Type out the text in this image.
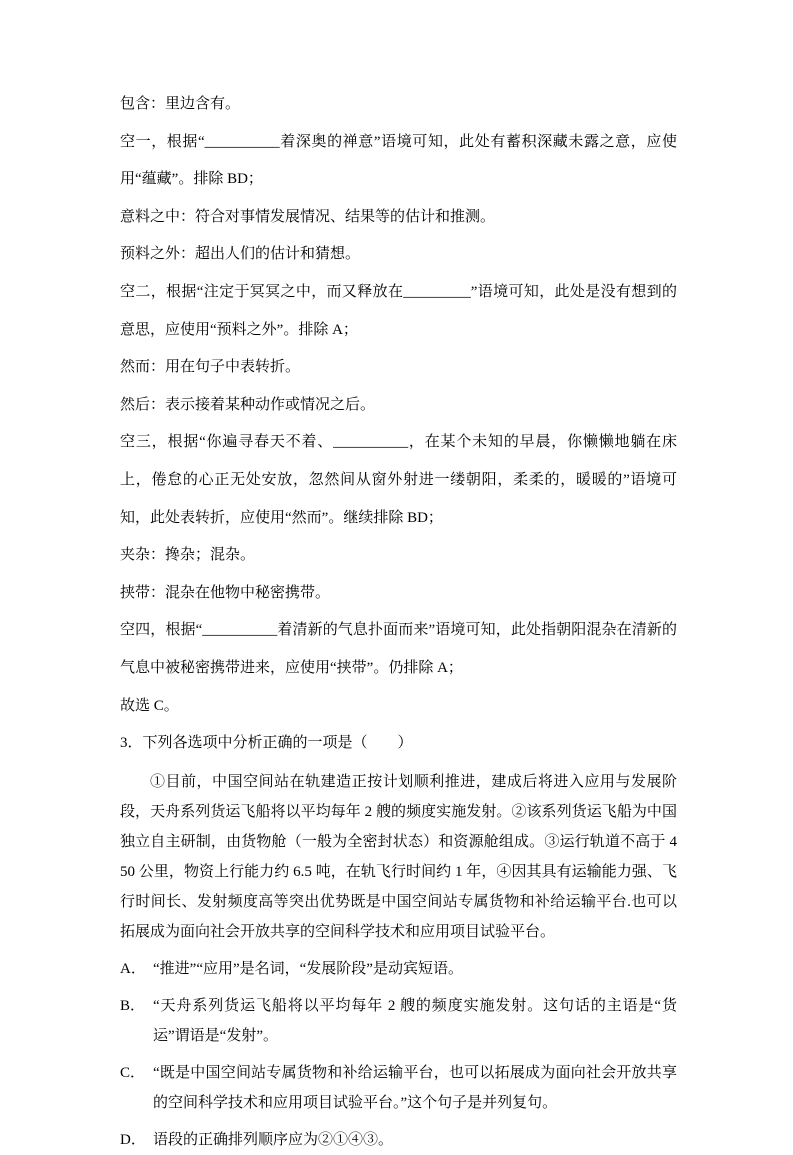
包含：里边含有。

空一，根据“__________着深奥的禅意”语境可知，此处有蓄积深藏未露之意，应使用“蕴藏”。排除 BD；

意料之中：符合对事情发展情况、结果等的估计和推测。

预料之外：超出人们的估计和猜想。

空二，根据“注定于冥冥之中，而又释放在_________”语境可知，此处是没有想到的意思，应使用“预料之外”。排除 A；

然而：用在句子中表转折。

然后：表示接着某种动作或情况之后。

空三，根据“你遍寻春天不着、__________，在某个未知的早晨，你懒懒地躺在床上，倦怠的心正无处安放，忽然间从窗外射进一缕朝阳，柔柔的，暖暖的”语境可知，此处表转折，应使用“然而”。继续排除 BD；

夹杂：搀杂；混杂。

挟带：混杂在他物中秘密携带。

空四，根据“__________着清新的气息扑面而来”语境可知，此处指朝阳混杂在清新的气息中被秘密携带进来，应使用“挟带”。仍排除 A；

故选 C。

3．下列各选项中分析正确的一项是（　　）

①目前，中国空间站在轨建造正按计划顺利推进，建成后将进入应用与发展阶段，天舟系列货运飞船将以平均每年 2 艘的频度实施发射。②该系列货运飞船为中国独立自主研制，由货物舱（一般为全密封状态）和资源舱组成。③运行轨道不高于 450 公里，物资上行能力约 6.5 吨，在轨飞行时间约 1 年，④因其具有运输能力强、飞行时间长、发射频度高等突出优势既是中国空间站专属货物和补给运输平台.也可以拓展成为面向社会开放共享的空间科学技术和应用项目试验平台。

A． “推进”“应用”是名词，“发展阶段”是动宾短语。
B． “天舟系列货运飞船将以平均每年 2 艘的频度实施发射。这句话的主语是“货运”谓语是“发射”。
C． “既是中国空间站专属货物和补给运输平台，也可以拓展成为面向社会开放共享的空间科学技术和应用项目试验平台。”这个句子是并列复句。
D． 语段的正确排列顺序应为②①④③。
